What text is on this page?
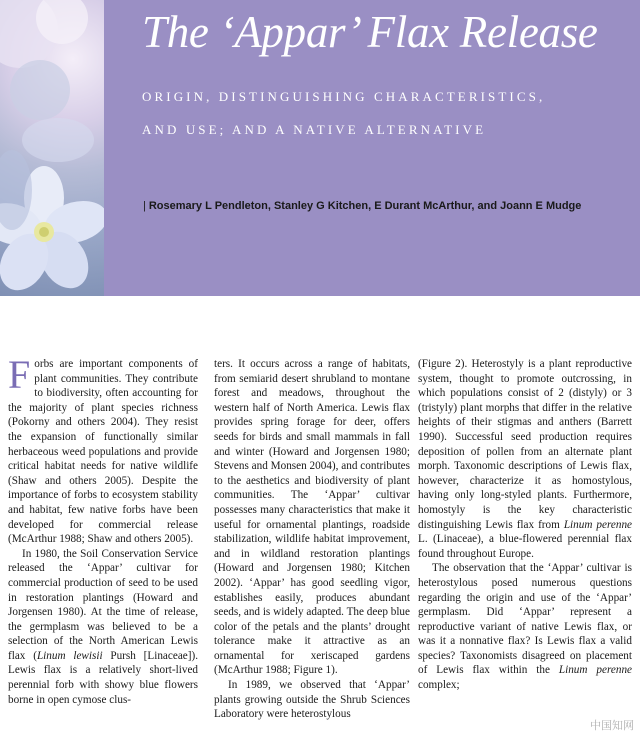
The ‘Appar’ Flax Release
ORIGIN, DISTINGUISHING CHARACTERISTICS,
AND USE; AND A NATIVE ALTERNATIVE
| Rosemary L Pendleton, Stanley G Kitchen, E Durant McArthur, and Joann E Mudge

Forbs are important components of plant communities. They contribute to biodiversity, often accounting for the majority of plant species richness (Pokorny and others 2004). They resist the expansion of functionally similar herbaceous weed populations and provide critical habitat needs for native wildlife (Shaw and others 2005). Despite the importance of forbs to ecosystem stability and habitat, few native forbs have been developed for commercial release (McArthur 1988; Shaw and others 2005).

In 1980, the Soil Conservation Service released the ‘Appar’ cultivar for commercial production of seed to be used in restoration plantings (Howard and Jorgensen 1980). At the time of release, the germplasm was believed to be a selection of the North American Lewis flax (Linum lewisii Pursh [Linaceae]). Lewis flax is a relatively short-lived perennial forb with showy blue flowers borne in open cymose clus-

ters. It occurs across a range of habitats, from semiarid desert shrubland to montane forest and meadows, throughout the western half of North America. Lewis flax provides spring forage for deer, offers seeds for birds and small mammals in fall and winter (Howard and Jorgensen 1980; Stevens and Monsen 2004), and contributes to the aesthetics and biodiversity of plant communities. The ‘Appar’ cultivar possesses many characteristics that make it useful for ornamental plantings, roadside stabilization, wildlife habitat improvement, and in wildland restoration plantings (Howard and Jorgensen 1980; Kitchen 2002). ‘Appar’ has good seedling vigor, establishes easily, produces abundant seeds, and is widely adapted. The deep blue color of the petals and the plants’ drought tolerance make it attractive as an ornamental for xeriscaped gardens (McArthur 1988; Figure 1).

In 1989, we observed that ‘Appar’ plants growing outside the Shrub Sciences Laboratory were heterostylous

(Figure 2). Heterostyly is a plant reproductive system, thought to promote outcrossing, in which populations consist of 2 (distyly) or 3 (tristyly) plant morphs that differ in the relative heights of their stigmas and anthers (Barrett 1990). Successful seed production requires deposition of pollen from an alternate plant morph. Taxonomic descriptions of Lewis flax, however, characterize it as homostylous, having only long-styled plants. Furthermore, homostyly is the key characteristic distinguishing Lewis flax from Linum perenne L. (Linaceae), a blue-flowered perennial flax found throughout Europe.

The observation that the ‘Appar’ cultivar is heterostylous posed numerous questions regarding the origin and use of the ‘Appar’ germplasm. Did ‘Appar’ represent a reproductive variant of native Lewis flax, or was it a nonnative flax? Is Lewis flax a valid species? Taxonomists disagreed on placement of Lewis flax within the Linum perenne complex;

中国知网
